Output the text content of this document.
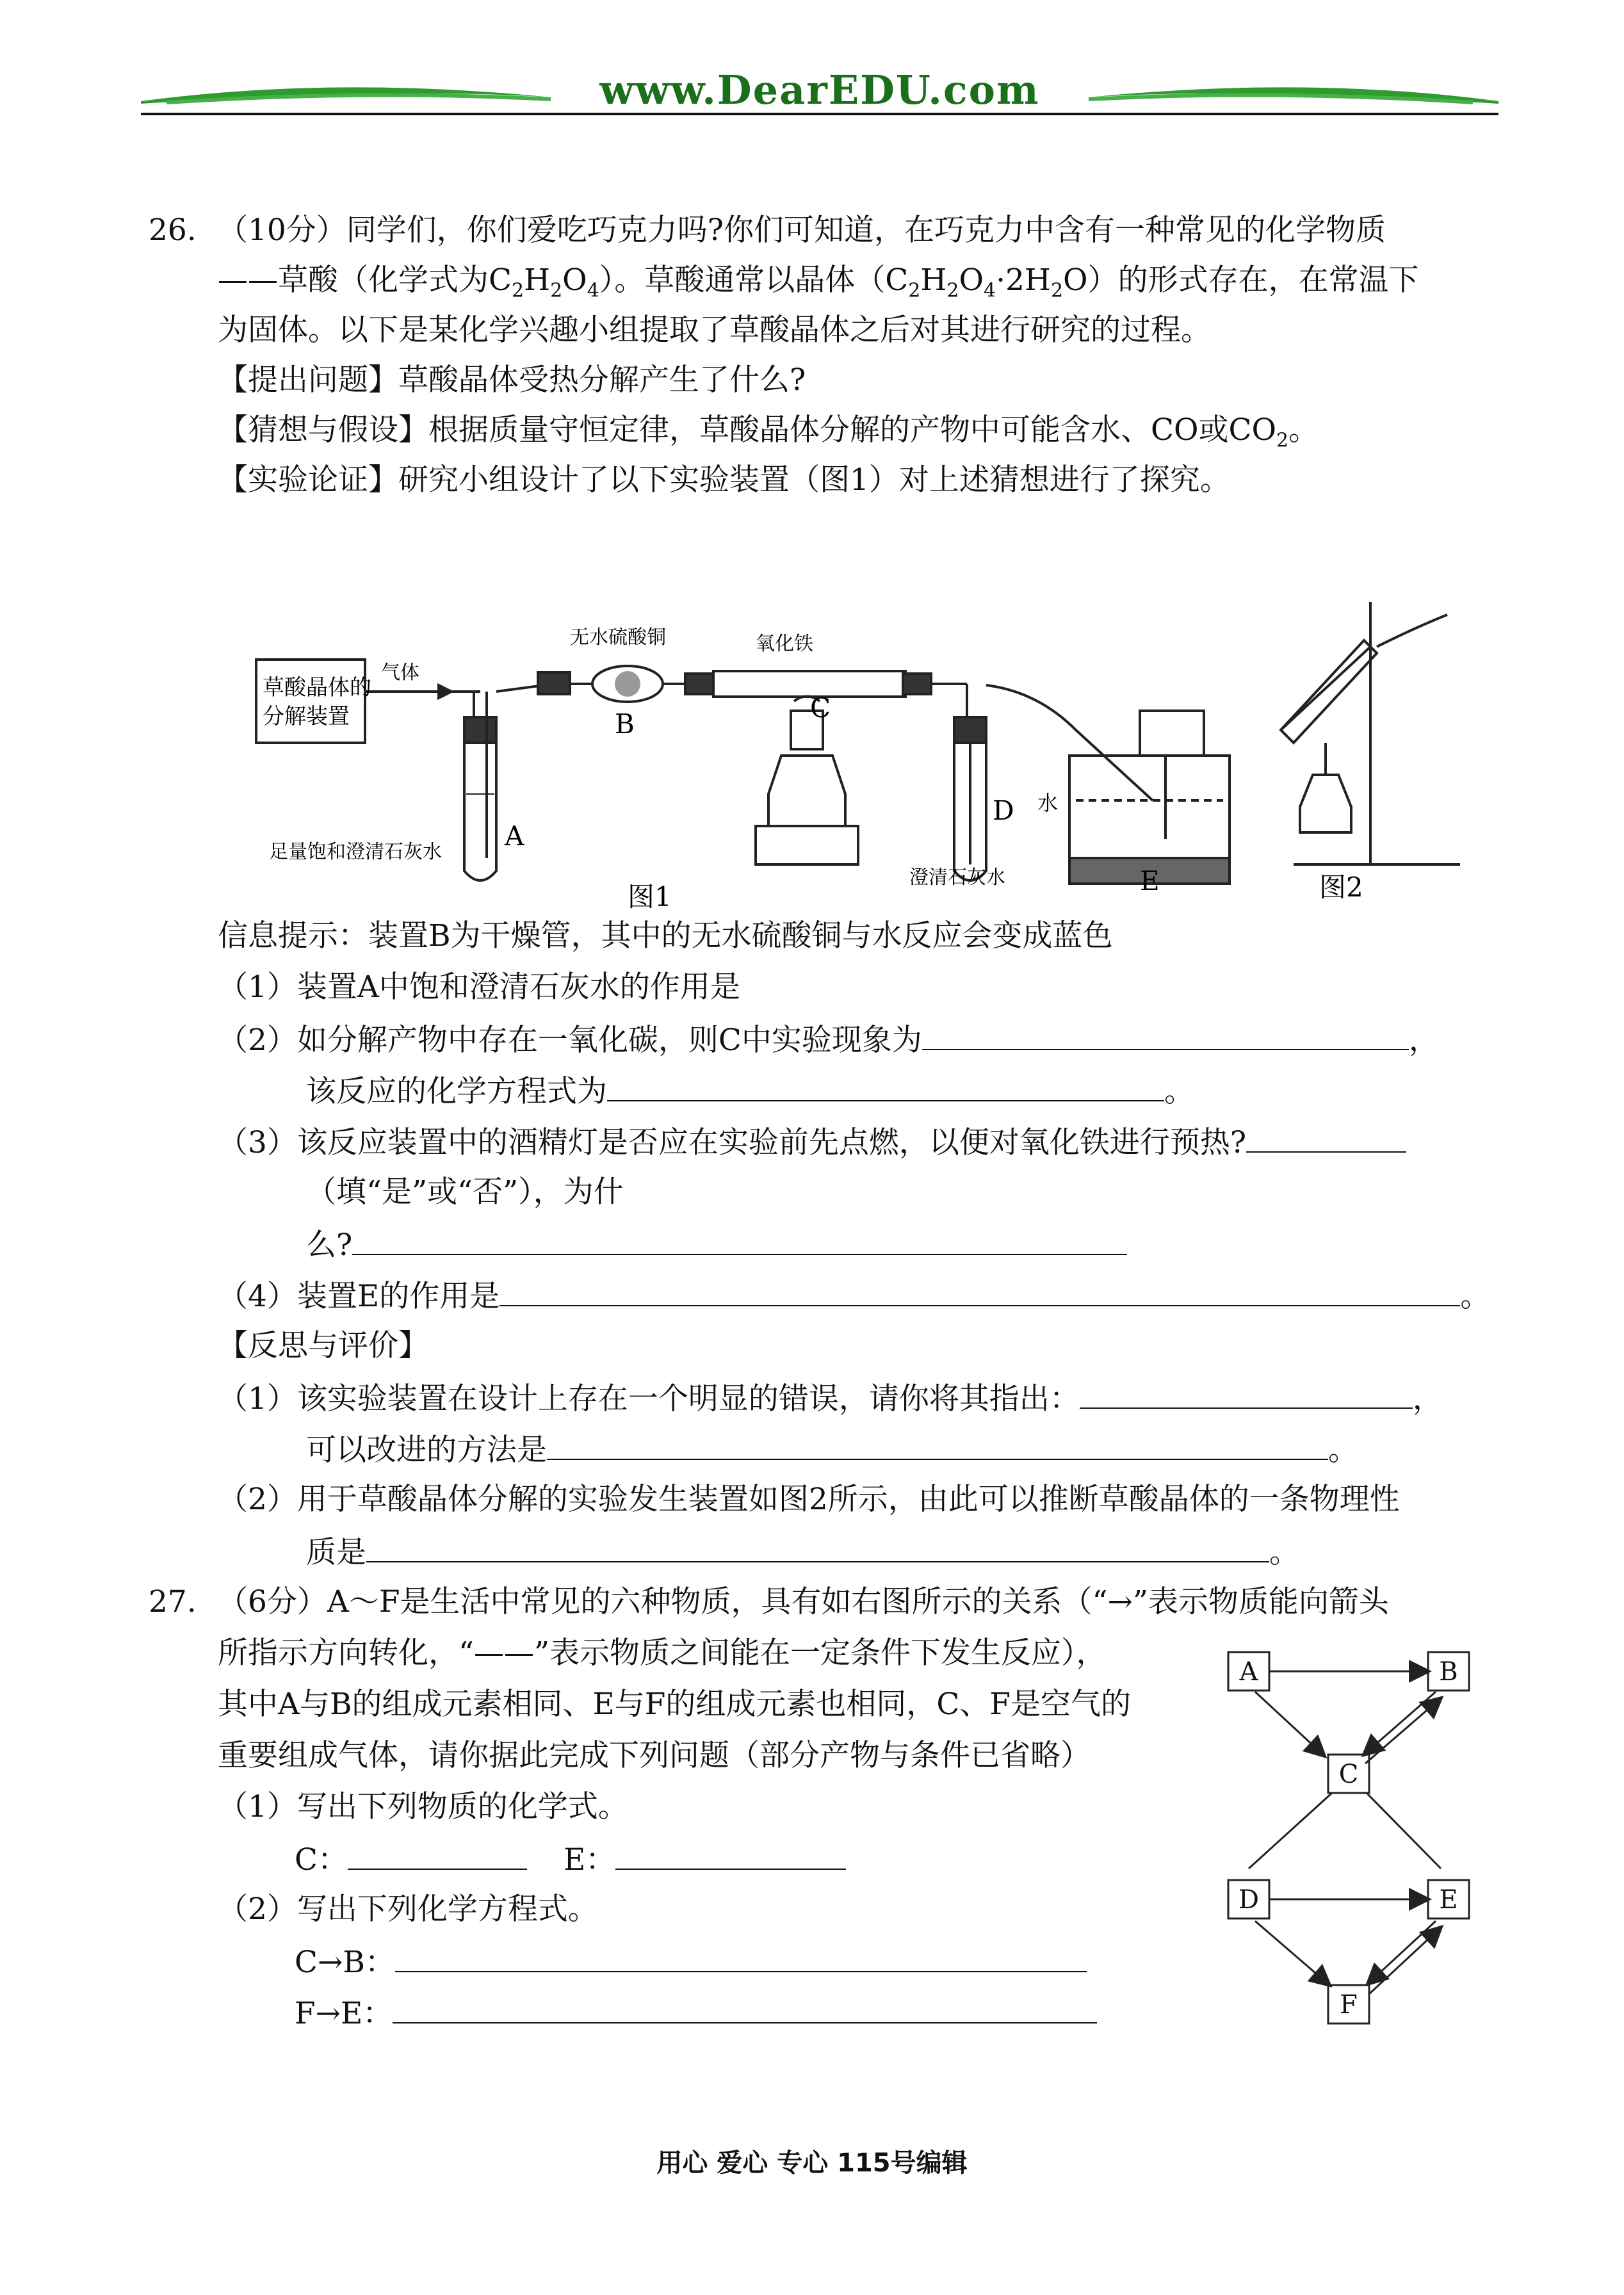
www.DearEDU.com
26. （10分）同学们，你们爱吃巧克力吗?你们可知道，在巧克力中含有一种常见的化学物质
——草酸（化学式为$C_2H_2O_4$）。草酸通常以晶体$(C_2H_2O_4\cdot 2H_2O)$的形式存在，在常温下
为固体。以下是某化学兴趣小组提取了草酸晶体之后对其进行研究的过程。
【提出问题】草酸晶体受热分解产生了什么?
【猜想与假设】根据质量守恒定律，草酸晶体分解的产物中可能含水、CO或$CO_2$。
【实验论证】研究小组设计了以下实验装置（图1）对上述猜想进行了探究。
草酸晶体的
分解装置
气体
无水硫酸铜	氧化铁
A
B
C
D
E
水
足量饱和澄清石灰水
澄清石灰水
图1	图2
信息提示：装置B为干燥管，其中的无水硫酸铜与水反应会变成蓝色
（1）装置A中饱和澄清石灰水的作用是
（2）如分解产物中存在一氧化碳，则C中实验现象为	，
该反应的化学方程式为	。
（3）该反应装置中的酒精灯是否应在实验前先点燃，以便对氧化铁进行预热?
（填“是”或“否”），为什
么?
（4）装置E的作用是	。
【反思与评价】
（1）该实验装置在设计上存在一个明显的错误，请你将其指出：	，
可以改进的方法是	。
（2）用于草酸晶体分解的实验发生装置如图2所示，由此可以推断草酸晶体的一条物理性
质是	。
27. （6分）A～F是生活中常见的六种物质，具有如右图所示的关系（“→”表示物质能向箭头
所指示方向转化，“——”表示物质之间能在一定条件下发生反应），
其中A与B的组成元素相同、E与F的组成元素也相同，C、F是空气的
重要组成气体，请你据此完成下列问题（部分产物与条件已省略）
（1）写出下列物质的化学式。
C：	E：
（2）写出下列化学方程式。
C→B：
F→E：
A	B
C
D	E
F
用心 爱心 专心 115号编辑
